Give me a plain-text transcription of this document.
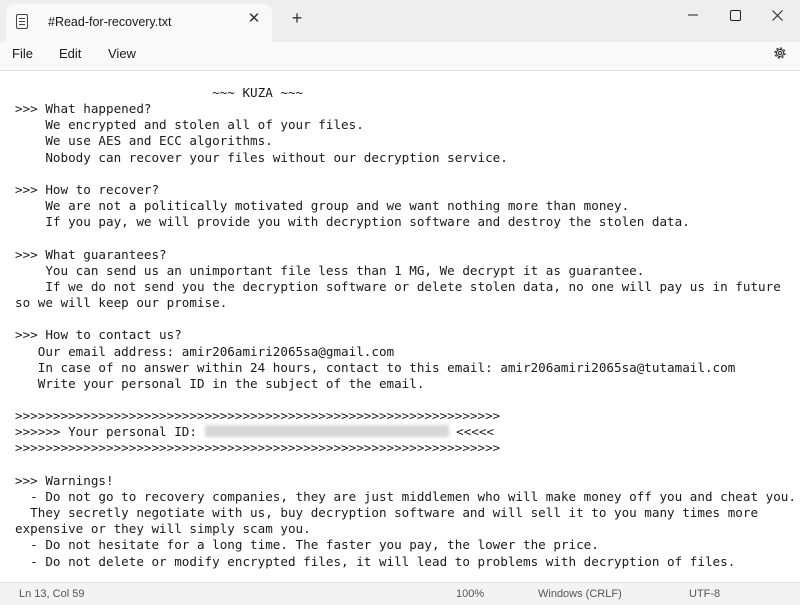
#Read-for-recovery.txt	✕ +
File Edit View
~~~ KUZA ~~~
>>> What happened?
We encrypted and stolen all of your files.
We use AES and ECC algorithms.
Nobody can recover your files without our decryption service.

>>> How to recover?
We are not a politically motivated group and we want nothing more than money.
If you pay, we will provide you with decryption software and destroy the stolen data.

>>> What guarantees?
You can send us an unimportant file less than 1 MG, We decrypt it as guarantee.
If we do not send you the decryption software or delete stolen data, no one will pay us in future
so we will keep our promise.

>>> How to contact us?
Our email address: amir206amiri2065sa@gmail.com
In case of no answer within 24 hours, contact to this email: amir206amiri2065sa@tutamail.com
Write your personal ID in the subject of the email.

>>>>>>>>>>>>>>>>>>>>>>>>>>>>>>>>>>>>>>>>>>>>>>>>>>>>>>>>>>>>>>>>
>>>>>> Your personal ID:	<<<<<
>>>>>>>>>>>>>>>>>>>>>>>>>>>>>>>>>>>>>>>>>>>>>>>>>>>>>>>>>>>>>>>>

>>> Warnings!
- Do not go to recovery companies, they are just middlemen who will make money off you and cheat you.
They secretly negotiate with us, buy decryption software and will sell it to you many times more
expensive or they will simply scam you.
- Do not hesitate for a long time. The faster you pay, the lower the price.
- Do not delete or modify encrypted files, it will lead to problems with decryption of files.
Ln 13, Col 59	100%	Windows (CRLF)	UTF-8
